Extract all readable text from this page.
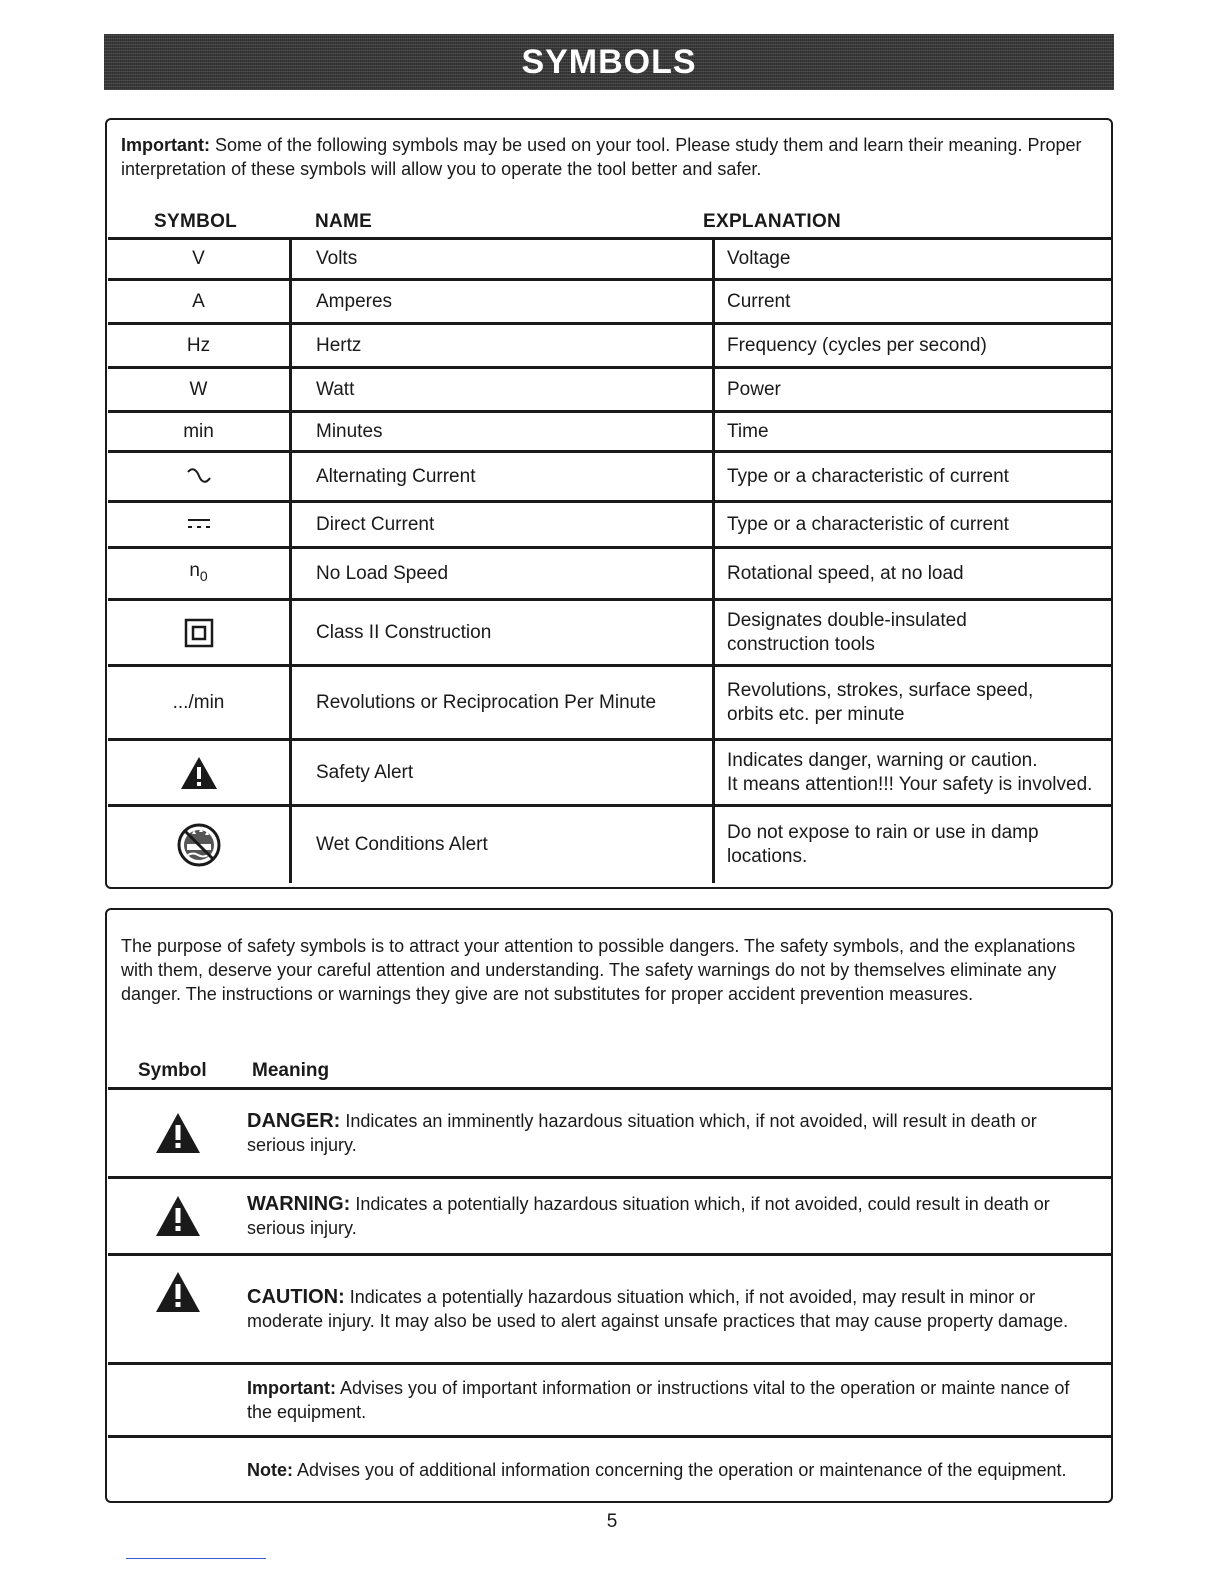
SYMBOLS
Important: Some of the following symbols may be used on your tool. Please study them and learn their meaning. Proper interpretation of these symbols will allow you to operate the tool better and safer.
SYMBOL	NAME	EXPLANATION
V	Volts	Voltage
A	Amperes	Current
Hz	Hertz	Frequency (cycles per second)
W	Watt	Power
min	Minutes	Time
	Alternating Current	Type or a characteristic of current
	Direct Current	Type or a characteristic of current
$n_0$	No Load Speed	Rotational speed, at no load
	Class II Construction	Designates double-insulated
construction tools

.../min	Revolutions or Reciprocation Per Minute	Revolutions, strokes, surface speed,
orbits etc. per minute

	Safety Alert	Indicates danger, warning or caution.
It means attention!!! Your safety is involved.

	Wet Conditions Alert	Do not expose to rain or use in damp
locations.
The purpose of safety symbols is to attract your attention to possible dangers. The safety symbols, and the explanations with them, deserve your careful attention and understanding. The safety warnings do not by themselves eliminate any danger. The instructions or warnings they give are not substitutes for proper accident prevention measures.
Symbol Meaning
	DANGER: Indicates an imminently hazardous situation which, if not avoided, will result in death or serious injury.
	WARNING: Indicates a potentially hazardous situation which, if not avoided, could result in death or serious injury.
	CAUTION: Indicates a potentially hazardous situation which, if not avoided, may result in minor or moderate injury. It may also be used to alert against unsafe practices that may cause property damage.
	Important: Advises you of important information or instructions vital to the operation or mainte nance of the equipment.
	Note: Advises you of additional information concerning the operation or maintenance of the equipment.
5
